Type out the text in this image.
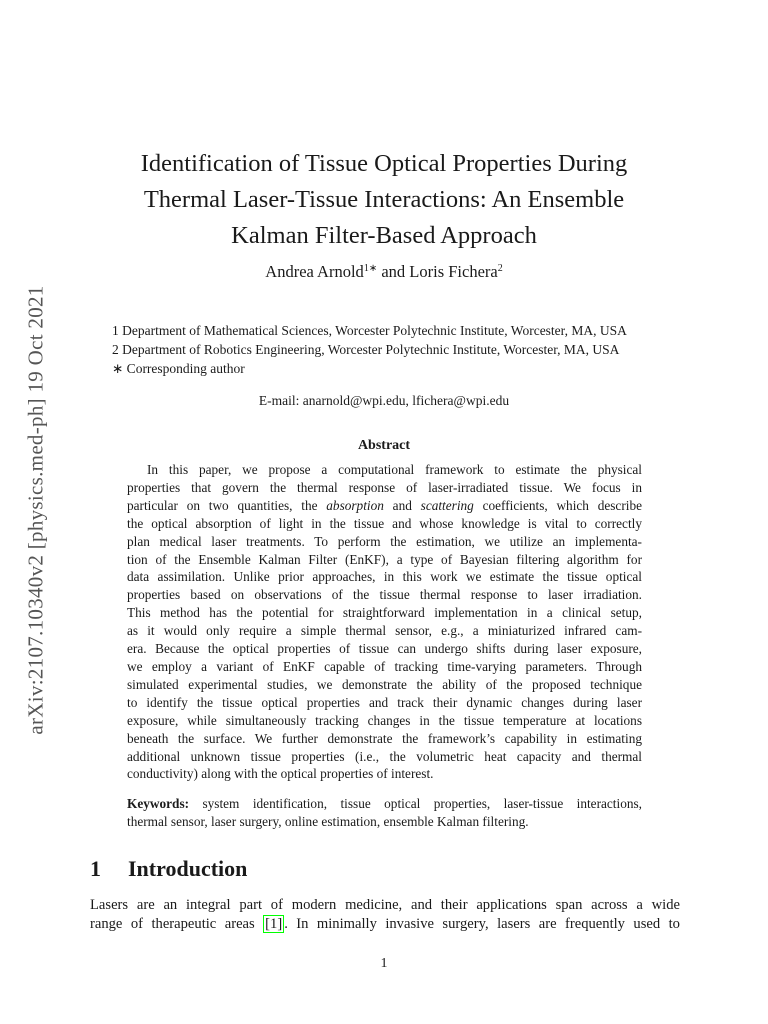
arXiv:2107.10340v2 [physics.med-ph] 19 Oct 2021
Identification of Tissue Optical Properties During
Thermal Laser-Tissue Interactions: An Ensemble
Kalman Filter-Based Approach
Andrea Arnold$^{1∗}$ and Loris Fichera$^2$
1 Department of Mathematical Sciences, Worcester Polytechnic Institute, Worcester, MA, USA
2 Department of Robotics Engineering, Worcester Polytechnic Institute, Worcester, MA, USA
∗ Corresponding author
E-mail: anarnold@wpi.edu, lfichera@wpi.edu
Abstract
In this paper, we propose a computational framework to estimate the physical
properties that govern the thermal response of laser-irradiated tissue. We focus in
particular on two quantities, the absorption and scattering coefficients, which describe
the optical absorption of light in the tissue and whose knowledge is vital to correctly
plan medical laser treatments. To perform the estimation, we utilize an implementa-
tion of the Ensemble Kalman Filter (EnKF), a type of Bayesian filtering algorithm for
data assimilation. Unlike prior approaches, in this work we estimate the tissue optical
properties based on observations of the tissue thermal response to laser irradiation.
This method has the potential for straightforward implementation in a clinical setup,
as it would only require a simple thermal sensor, e.g., a miniaturized infrared cam-
era. Because the optical properties of tissue can undergo shifts during laser exposure,
we employ a variant of EnKF capable of tracking time-varying parameters. Through
simulated experimental studies, we demonstrate the ability of the proposed technique
to identify the tissue optical properties and track their dynamic changes during laser
exposure, while simultaneously tracking changes in the tissue temperature at locations
beneath the surface. We further demonstrate the framework’s capability in estimating
additional unknown tissue properties (i.e., the volumetric heat capacity and thermal
conductivity) along with the optical properties of interest.
Keywords: system identification, tissue optical properties, laser-tissue interactions,
thermal sensor, laser surgery, online estimation, ensemble Kalman filtering.
1 Introduction
Lasers are an integral part of modern medicine, and their applications span across a wide
range of therapeutic areas [1] . In minimally invasive surgery, lasers are frequently used to
1
